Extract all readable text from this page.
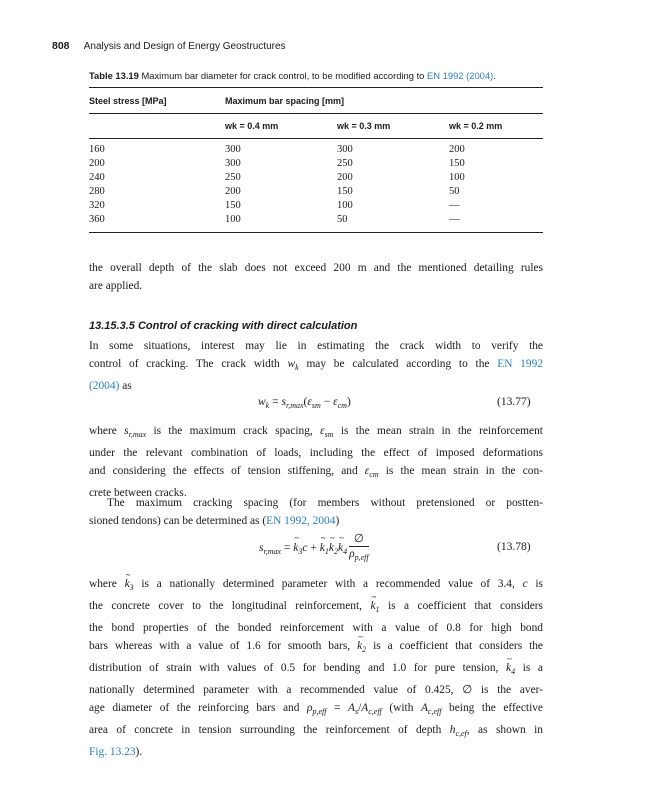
808 Analysis and Design of Energy Geostructures
Table 13.19 Maximum bar diameter for crack control, to be modified according to EN 1992 (2004).
Steel stress [MPa]	Maximum bar spacing [mm]		
	wk = 0.4 mm	wk = 0.3 mm	wk = 0.2 mm
160	300	300	200
200	300	250	150
240	250	200	100
280	200	150	50
320	150	100	—
360	100	50	—
the overall depth of the slab does not exceed 200 m and the mentioned detailing rules
are applied.
13.15.3.5 Control of cracking with direct calculation
In some situations, interest may lie in estimating the crack width to verify the
control of cracking. The crack width $w_k$ may be calculated according to the EN 1992
(2004) as
$w_k = s_{r,max}(\varepsilon_{sm} - \varepsilon_{cm})$	(13.77)
where $s_{r,max}$ is the maximum crack spacing, $\varepsilon_{sm}$ is the mean strain in the reinforcement
under the relevant combination of loads, including the effect of imposed deformations
and considering the effects of tension stiffening, and $\varepsilon_{cm}$ is the mean strain in the con-
crete between cracks.
The maximum cracking spacing (for members without pretensioned or postten-
sioned tendons) can be determined as (EN 1992, 2004)
$s_{r,max}$ = ~ $k_3c$ + ~ $k_1\sim$ $k_2\sim$ $k_4 \frac{\emptyset}{\rho_{p,eff}}$	(13.78)
where ~ $k_3$ is a nationally determined parameter with a recommended value of 3.4, c is
the concrete cover to the longitudinal reinforcement, ~ $k_1$ is a coefficient that considers
the bond properties of the bonded reinforcement with a value of 0.8 for high bond
bars whereas with a value of 1.6 for smooth bars, ~ $k_2$ is a coefficient that considers the
distribution of strain with values of 0.5 for bending and 1.0 for pure tension, ~ $k_4$ is a
nationally determined parameter with a recommended value of 0.425, ∅ is the aver-
age diameter of the reinforcing bars and $\rho_{p,eff} = A_s/A_{c,eff}$ (with $A_{c,eff}$ being the effective
area of concrete in tension surrounding the reinforcement of depth $h_{c,ef}$, as shown in
Fig. 13.23).
